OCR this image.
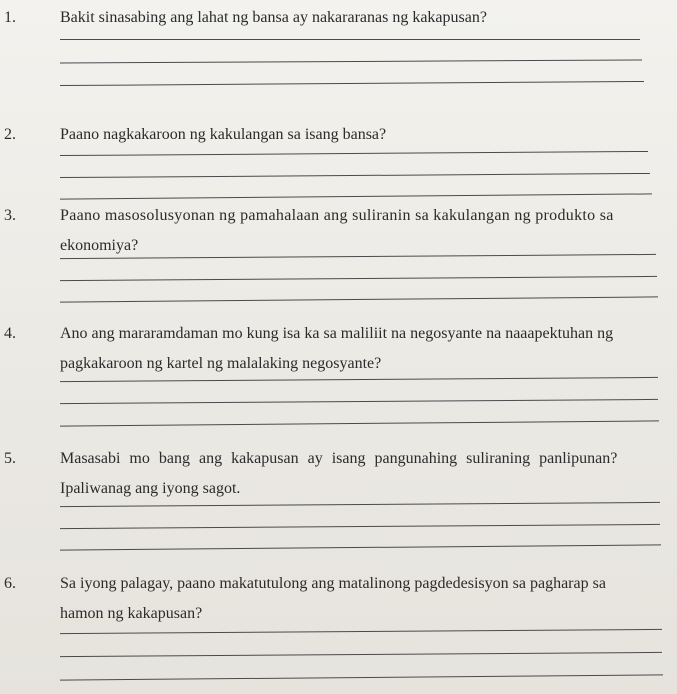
1.	Bakit sinasabing ang lahat ng bansa ay nakararanas ng kakapusan?
2.	Paano nagkakaroon ng kakulangan sa isang bansa?
3.	Paano masosolusyonan ng pamahalaan ang suliranin sa kakulangan ng produkto sa
ekonomiya?
4.	Ano ang mararamdaman mo kung isa ka sa maliliit na negosyante na naaapektuhan ng
pagkakaroon ng kartel ng malalaking negosyante?
5.	Masasabi mo bang ang kakapusan ay isang pangunahing suliraning panlipunan?
Ipaliwanag ang iyong sagot.
6.	Sa iyong palagay, paano makatutulong ang matalinong pagdedesisyon sa pagharap sa
hamon ng kakapusan?
